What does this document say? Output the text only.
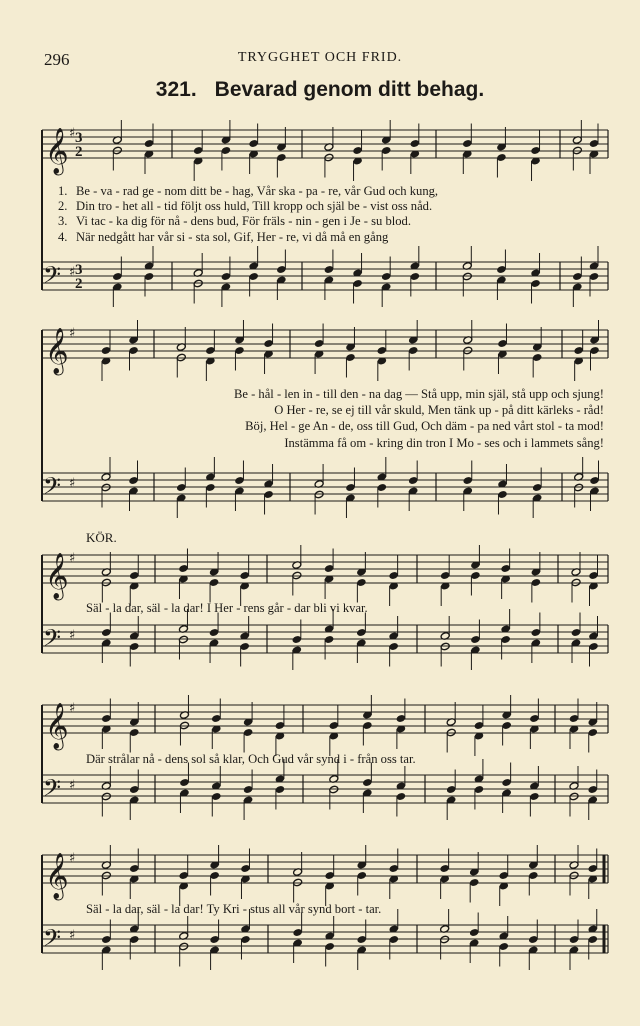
296	TRYGGHET OCH FRID.
321. Bevarad genom ditt behag.
𝄞 ♯
𝄢 ♯
𝄞 ♯
𝄢 ♯
𝄞 ♯
𝄢 ♯
𝄞 ♯
𝄢 ♯
𝄞 ♯
𝄢 ♯
3
2
3
2
1. Be - va - rad ge - nom ditt be - hag, Vår ska - pa - re, vår Gud och kung,
2. Din tro - het all - tid följt oss huld, Till kropp och själ be - vist oss nåd.
3. Vi tac - ka dig för nå - dens bud, För fräls - nin - gen i Je - su blod.
4. När nedgått har vår si - sta sol, Gif, Her - re, vi då må en gång
Be - hål - len in - till den - na dag — Stå upp, min själ, stå upp och sjung!
O Her - re, se ej till vår skuld, Men tänk up - på ditt kärleks - råd!
Böj, Hel - ge An - de, oss till Gud, Och däm - pa ned vårt stol - ta mod!
Instämma få om - kring din tron I Mo - ses och i lammets sång!
KÖR.
Säl - la dar, säl - la dar! I Her - rens går - dar bli vi kvar.
Där strålar nå - dens sol så klar, Och Gud vår synd i - från oss tar.
Säl - la dar, säl - la dar! Ty Kri - stus all vår synd bort - tar.
